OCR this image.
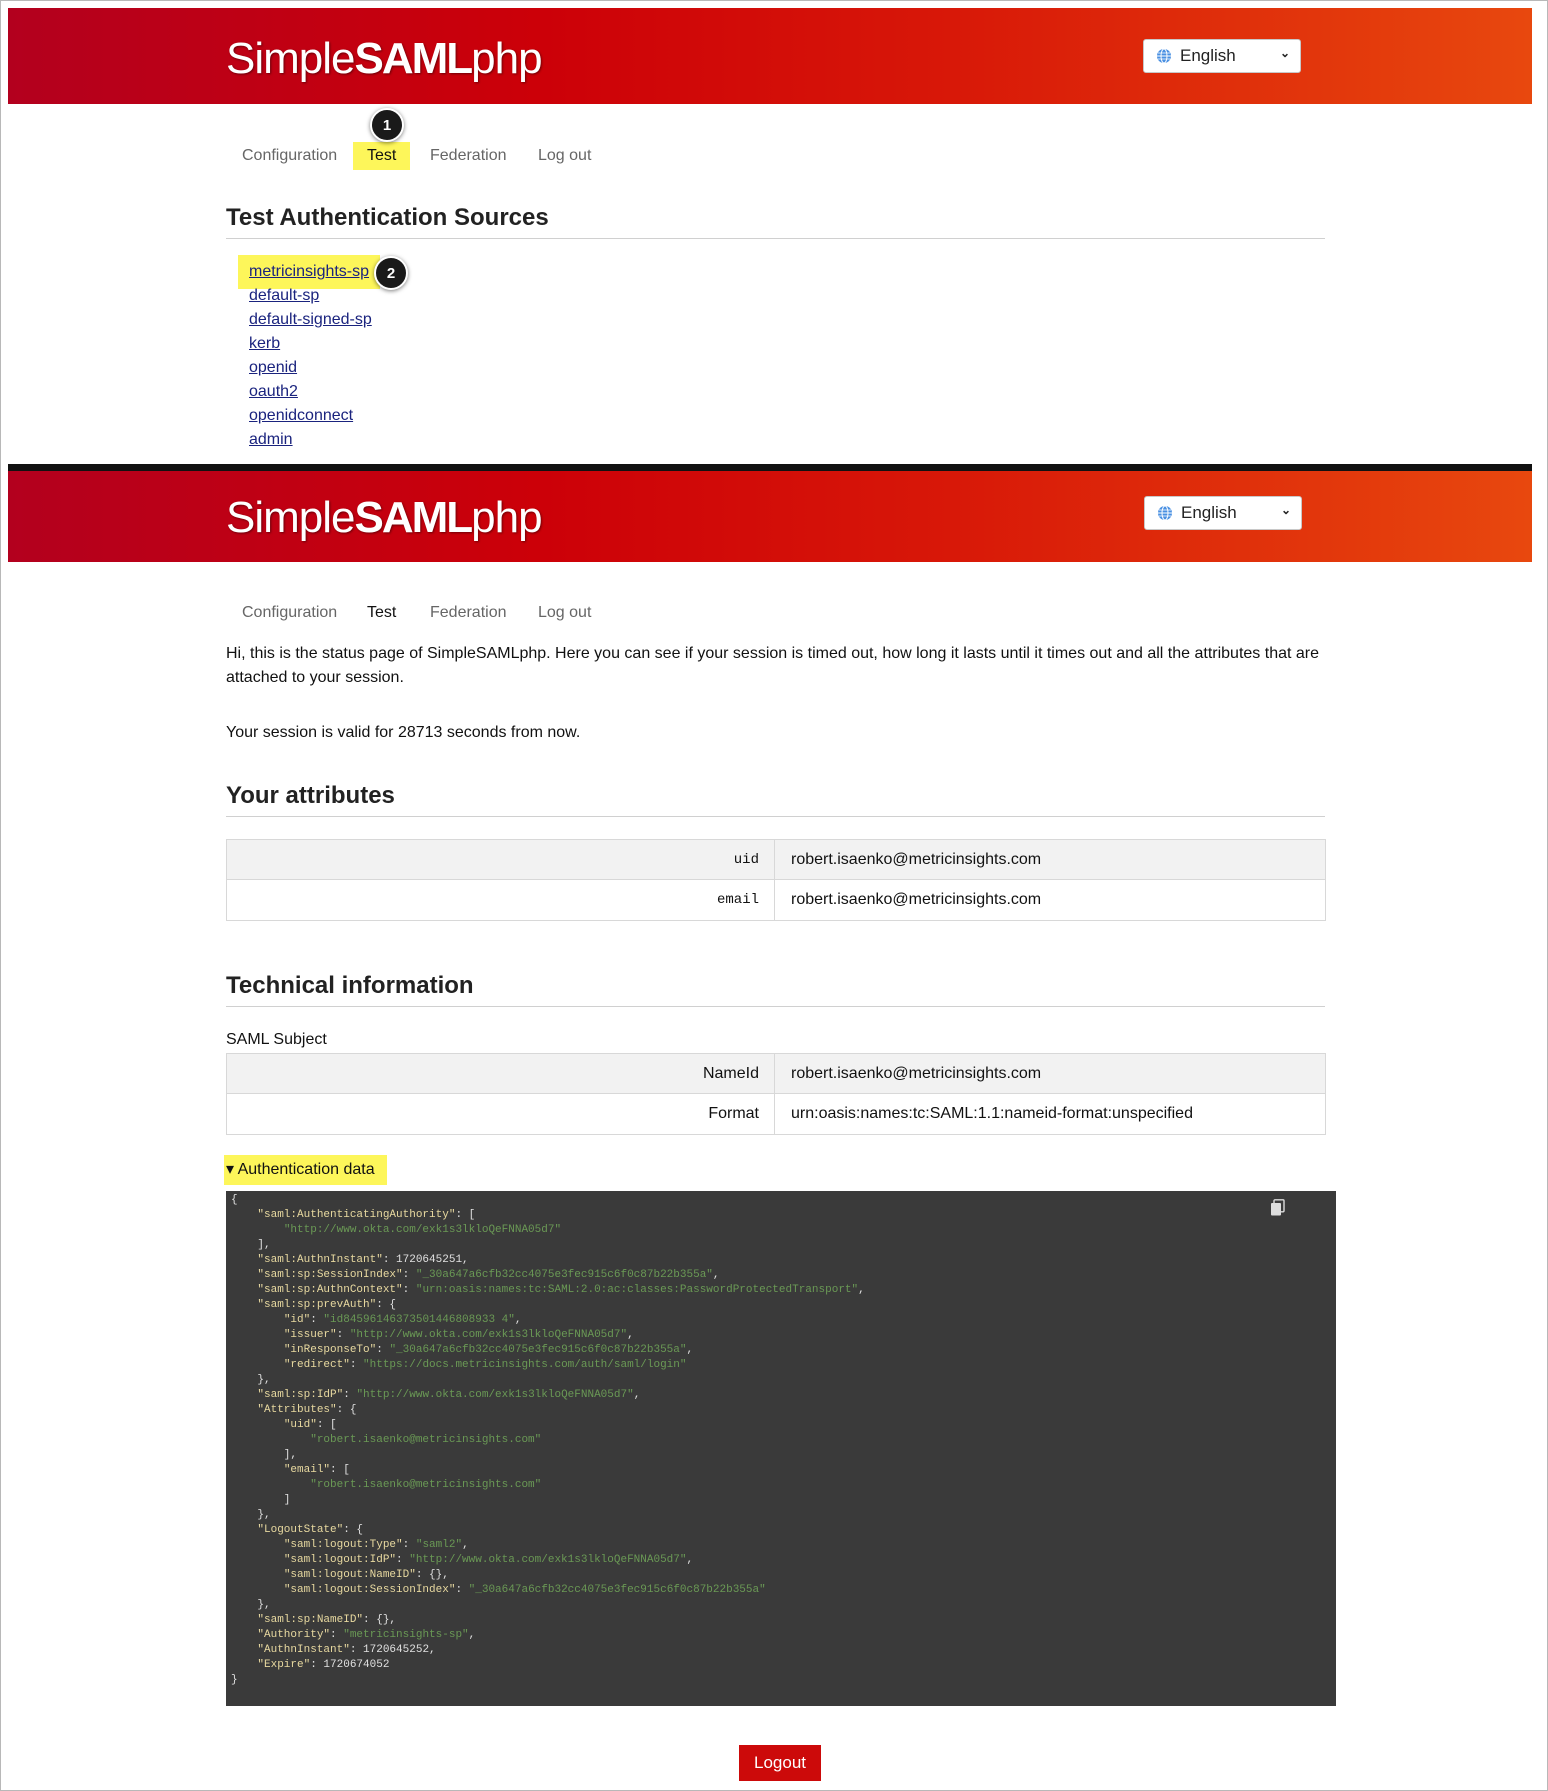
SimpleSAMLphp	English	⌄
Configuration	Test	Federation Log out
1
Test Authentication Sources
metricinsights-sp
default-sp
default-signed-sp
kerb
openid
oauth2
openidconnect
admin
2
SimpleSAMLphp	English	⌄
Configuration Test Federation Log out
Hi, this is the status page of SimpleSAMLphp. Here you can see if your session is timed out, how long it lasts until it times out and all the attributes that are attached to your session.
Your session is valid for 28713 seconds from now.
Your attributes
uid	robert.isaenko@metricinsights.com
email	robert.isaenko@metricinsights.com
Technical information
SAML Subject
NameId	robert.isaenko@metricinsights.com
Format	urn:oasis:names:tc:SAML:1.1:nameid-format:unspecified
▾ Authentication data
{
"saml:AuthenticatingAuthority": [
"http://www.okta.com/exk1s3lkloQeFNNA05d7"
],
"saml:AuthnInstant": 1720645251,
"saml:sp:SessionIndex": "_30a647a6cfb32cc4075e3fec915c6f0c87b22b355a",
"saml:sp:AuthnContext": "urn:oasis:names:tc:SAML:2.0:ac:classes:PasswordProtectedTransport",
"saml:sp:prevAuth": {
"id": "id84596146373501446808933 4",
"issuer": "http://www.okta.com/exk1s3lkloQeFNNA05d7",
"inResponseTo": "_30a647a6cfb32cc4075e3fec915c6f0c87b22b355a",
"redirect": "https://docs.metricinsights.com/auth/saml/login"
},
"saml:sp:IdP": "http://www.okta.com/exk1s3lkloQeFNNA05d7",
"Attributes": {
"uid": [
"robert.isaenko@metricinsights.com"
],
"email": [
"robert.isaenko@metricinsights.com"
]
},
"LogoutState": {
"saml:logout:Type": "saml2",
"saml:logout:IdP": "http://www.okta.com/exk1s3lkloQeFNNA05d7",
"saml:logout:NameID": {},
"saml:logout:SessionIndex": "_30a647a6cfb32cc4075e3fec915c6f0c87b22b355a"
},
"saml:sp:NameID": {},
"Authority": "metricinsights-sp",
"AuthnInstant": 1720645252,
"Expire": 1720674052
}
Logout
